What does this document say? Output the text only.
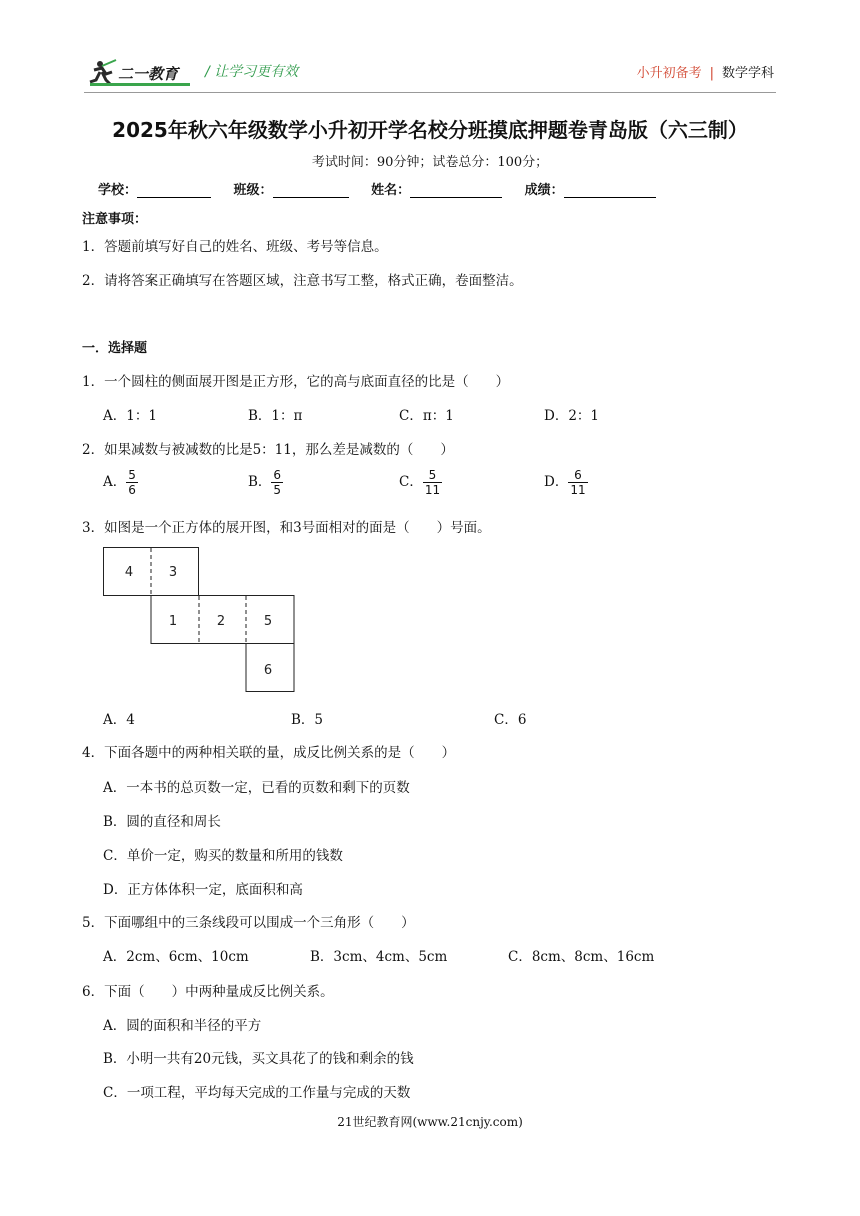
二一教育 / 让学习更有效	小升初备考 | 数学学科
2025年秋六年级数学小升初开学名校分班摸底押题卷青岛版（六三制）
考试时间：90分钟；试卷总分：100分；
学校：	班级：	姓名：	成绩：
注意事项：
1．答题前填写好自己的姓名、班级、考号等信息。
2．请将答案正确填写在答题区域，注意书写工整，格式正确，卷面整洁。
一．选择题
1．一个圆柱的侧面展开图是正方形，它的高与底面直径的比是（　　）
A．1：1	B．1：π	C．π：1	D．2：1
2．如果减数与被减数的比是5：11，那么差是减数的（　　）
A． $\frac{5}{6}$	B． $\frac{6}{5}$	C． $\frac{5}{11}$	D． $\frac{6}{11}$
3．如图是一个正方体的展开图，和3号面相对的面是（　　）号面。
4	3
1	2	5
6
A．4	B．5	C．6
4．下面各题中的两种相关联的量，成反比例关系的是（　　）
A．一本书的总页数一定，已看的页数和剩下的页数
B．圆的直径和周长
C．单价一定，购买的数量和所用的钱数
D．正方体体积一定，底面积和高
5．下面哪组中的三条线段可以围成一个三角形（　　）
A．2cm、6cm、10cm	B．3cm、4cm、5cm	C．8cm、8cm、16cm
6．下面（　　）中两种量成反比例关系。
A．圆的面积和半径的平方
B．小明一共有20元钱，买文具花了的钱和剩余的钱
C．一项工程，平均每天完成的工作量与完成的天数
21世纪教育网(www.21cnjy.com)
